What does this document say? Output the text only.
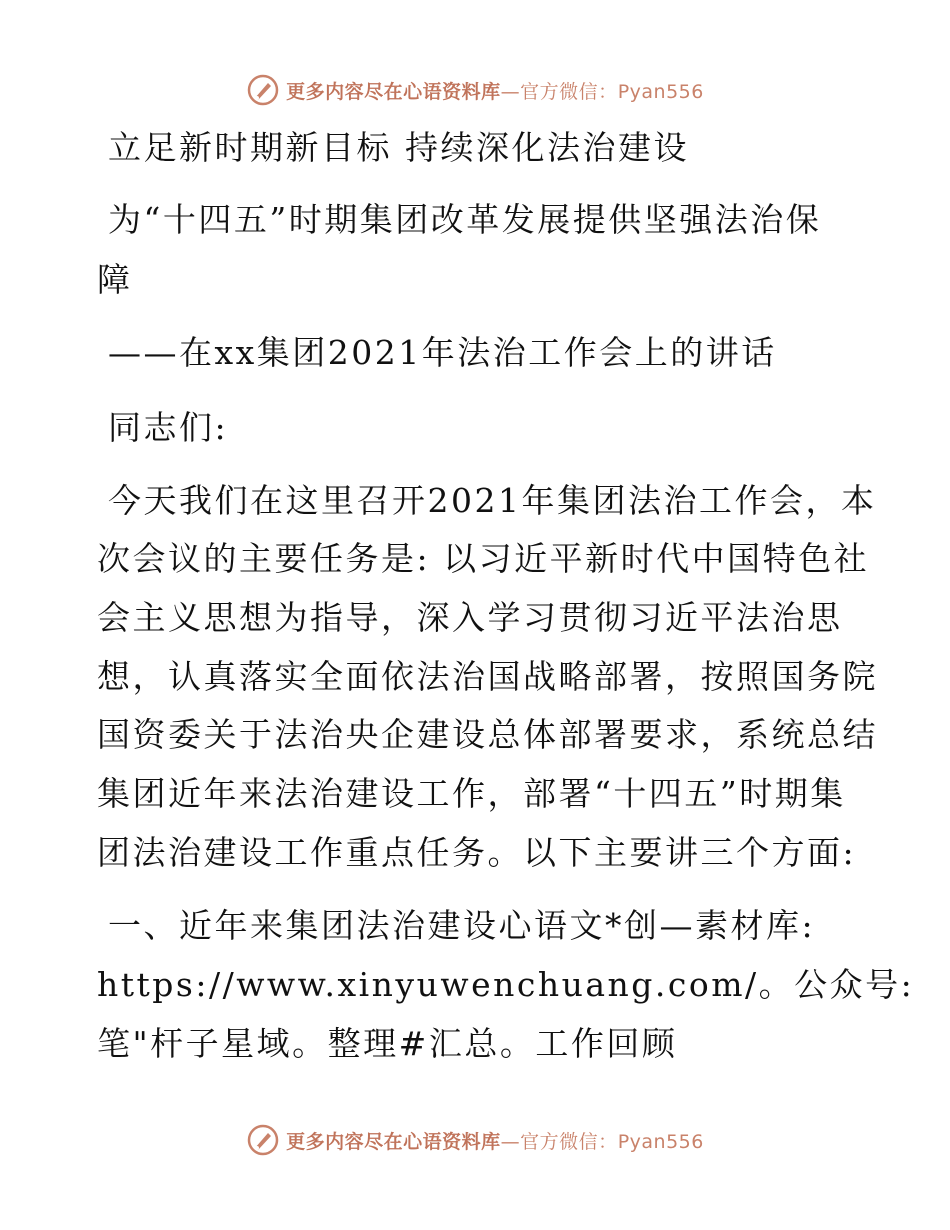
更多内容尽在心语资料库—官方微信：Pyan556
立足新时期新目标 持续深化法治建设
为“十四五”时期集团改革发展提供坚强法治保
障
——在xx集团2021年法治工作会上的讲话
同志们:
今天我们在这里召开2021年集团法治工作会，本
次会议的主要任务是: 以习近平新时代中国特色社
会主义思想为指导，深入学习贯彻习近平法治思
想，认真落实全面依法治国战略部署，按照国务院
国资委关于法治央企建设总体部署要求，系统总结
集团近年来法治建设工作，部署“十四五”时期集
团法治建设工作重点任务。以下主要讲三个方面:
一、近年来集团法治建设心语文*创—素材库:
https://www.xinyuwenchuang.com/。公众号:
笔"杆子星域。整理#汇总。工作回顾
更多内容尽在心语资料库—官方微信：Pyan556
